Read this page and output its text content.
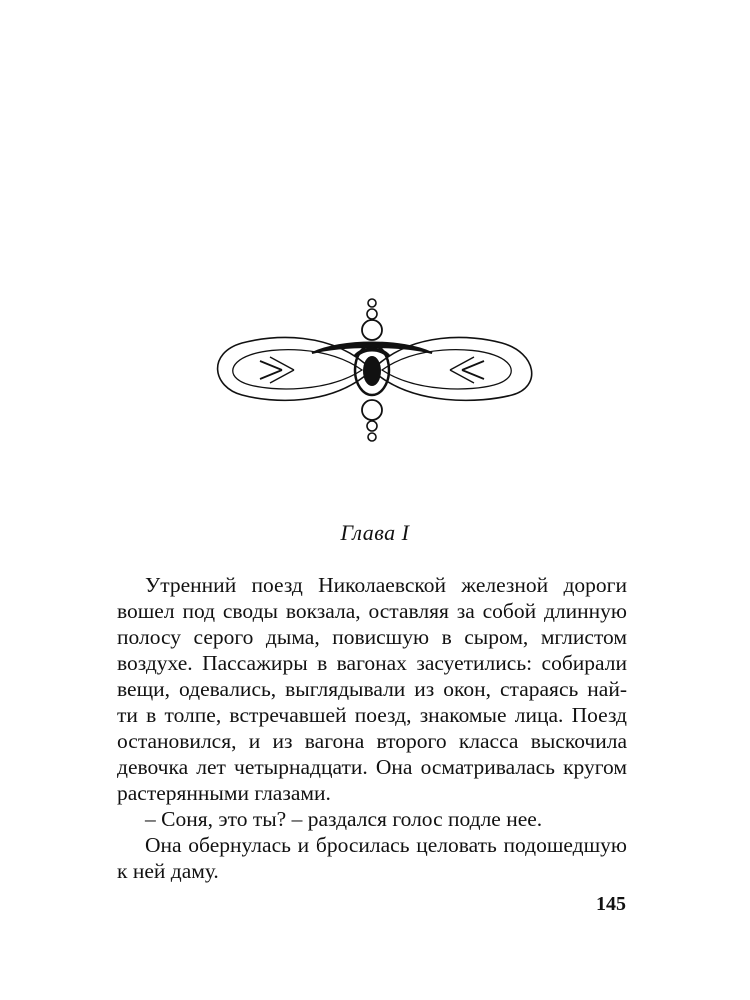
Глава I
Утренний поезд Николаевской железной дороги
вошел под своды вокзала, оставляя за собой длинную
полосу серого дыма, повисшую в сыром, мглистом
воздухе. Пассажиры в вагонах засуетились: собирали
вещи, одевались, выглядывали из окон, стараясь най-
ти в толпе, встречавшей поезд, знакомые лица. Поезд
остановился, и из вагона второго класса выскочила
девочка лет четырнадцати. Она осматривалась кругом
растерянными глазами.
– Соня, это ты? – раздался голос подле нее.
Она обернулась и бросилась целовать подошедшую
к ней даму.
145
